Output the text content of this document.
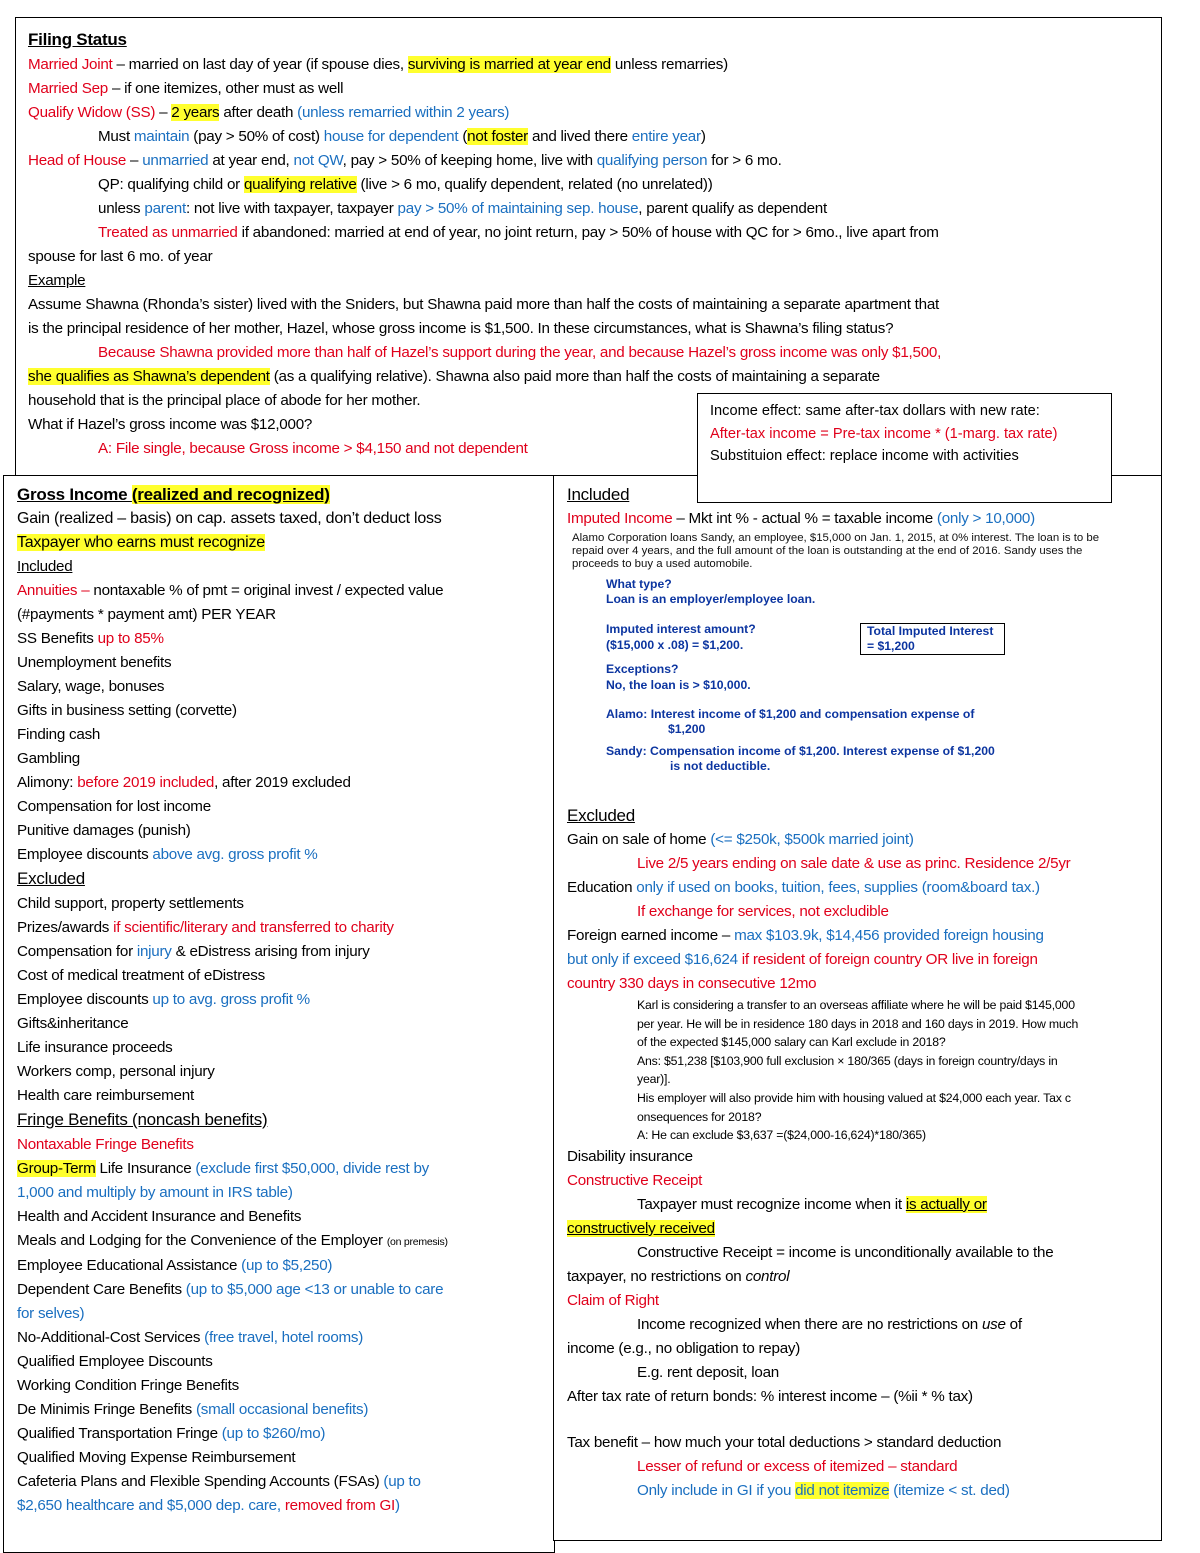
Filing Status
Married Joint – married on last day of year (if spouse dies, surviving is married at year end unless remarries)
Married Sep – if one itemizes, other must as well
Qualify Widow (SS) – 2 years after death (unless remarried within 2 years)
Must maintain (pay > 50% of cost) house for dependent (not foster and lived there entire year)
Head of House – unmarried at year end, not QW, pay > 50% of keeping home, live with qualifying person for > 6 mo.
QP: qualifying child or qualifying relative (live > 6 mo, qualify dependent, related (no unrelated))
unless parent: not live with taxpayer, taxpayer pay > 50% of maintaining sep. house, parent qualify as dependent
Treated as unmarried if abandoned: married at end of year, no joint return, pay > 50% of house with QC for > 6mo., live apart from
spouse for last 6 mo. of year
Example
Assume Shawna (Rhonda’s sister) lived with the Sniders, but Shawna paid more than half the costs of maintaining a separate apartment that
is the principal residence of her mother, Hazel, whose gross income is $1,500. In these circumstances, what is Shawna’s filing status?
Because Shawna provided more than half of Hazel’s support during the year, and because Hazel’s gross income was only $1,500,
she qualifies as Shawna’s dependent (as a qualifying relative). Shawna also paid more than half the costs of maintaining a separate
household that is the principal place of abode for her mother.
What if Hazel’s gross income was $12,000?
A: File single, because Gross income > $4,150 and not dependent
Income effect: same after-tax dollars with new rate:
After-tax income = Pre-tax income * (1-marg. tax rate)
Substituion effect: replace income with activities
Gross Income (realized and recognized)
Gain (realized – basis) on cap. assets taxed, don’t deduct loss
Taxpayer who earns must recognize
Included
Annuities – nontaxable % of pmt = original invest / expected value
(#payments * payment amt) PER YEAR
SS Benefits up to 85%
Unemployment benefits
Salary, wage, bonuses
Gifts in business setting (corvette)
Finding cash
Gambling
Alimony: before 2019 included, after 2019 excluded
Compensation for lost income
Punitive damages (punish)
Employee discounts above avg. gross profit %
Excluded
Child support, property settlements
Prizes/awards if scientific/literary and transferred to charity
Compensation for injury & eDistress arising from injury
Cost of medical treatment of eDistress
Employee discounts up to avg. gross profit %
Gifts&inheritance
Life insurance proceeds
Workers comp, personal injury
Health care reimbursement
Fringe Benefits (noncash benefits)
Nontaxable Fringe Benefits
Group-Term Life Insurance (exclude first $50,000, divide rest by
1,000 and multiply by amount in IRS table)
Health and Accident Insurance and Benefits
Meals and Lodging for the Convenience of the Employer (on premesis)
Employee Educational Assistance (up to $5,250)
Dependent Care Benefits (up to $5,000 age <13 or unable to care
for selves)
No-Additional-Cost Services (free travel, hotel rooms)
Qualified Employee Discounts
Working Condition Fringe Benefits
De Minimis Fringe Benefits (small occasional benefits)
Qualified Transportation Fringe (up to $260/mo)
Qualified Moving Expense Reimbursement
Cafeteria Plans and Flexible Spending Accounts (FSAs) (up to
$2,650 healthcare and $5,000 dep. care, removed from GI)
Included
Imputed Income – Mkt int % - actual % = taxable income (only > 10,000)
Alamo Corporation loans Sandy, an employee, $15,000 on Jan. 1, 2015, at 0% interest. The loan is to be repaid over 4 years, and the full amount of the loan is outstanding at the end of 2016. Sandy uses the proceeds to buy a used automobile.
What type?
Loan is an employer/employee loan.
Imputed interest amount?
($15,000 x .08) = $1,200.
Total Imputed Interest = $1,200
Exceptions?
No, the loan is > $10,000.
Alamo: Interest income of $1,200 and compensation expense of
$1,200
Sandy: Compensation income of $1,200. Interest expense of $1,200
is not deductible.
Excluded
Gain on sale of home (<= $250k, $500k married joint)
Live 2/5 years ending on sale date & use as princ. Residence 2/5yr
Education only if used on books, tuition, fees, supplies (room&board tax.)
If exchange for services, not excludible
Foreign earned income – max $103.9k, $14,456 provided foreign housing
but only if exceed $16,624 if resident of foreign country OR live in foreign
country 330 days in consecutive 12mo
Karl is considering a transfer to an overseas affiliate where he will be paid $145,000
per year. He will be in residence 180 days in 2018 and 160 days in 2019. How much
of the expected $145,000 salary can Karl exclude in 2018?
Ans: $51,238 [$103,900 full exclusion × 180/365 (days in foreign country/days in
year)].
His employer will also provide him with housing valued at $24,000 each year. Tax c
onsequences for 2018?
A: He can exclude $3,637 =($24,000-16,624)*180/365)
Disability insurance
Constructive Receipt
Taxpayer must recognize income when it is actually or
constructively received
Constructive Receipt = income is unconditionally available to the
taxpayer, no restrictions on control
Claim of Right
Income recognized when there are no restrictions on use of
income (e.g., no obligation to repay)
E.g. rent deposit, loan
After tax rate of return bonds: % interest income – (%ii * % tax)
Tax benefit – how much your total deductions > standard deduction
Lesser of refund or excess of itemized – standard
Only include in GI if you did not itemize (itemize < st. ded)
